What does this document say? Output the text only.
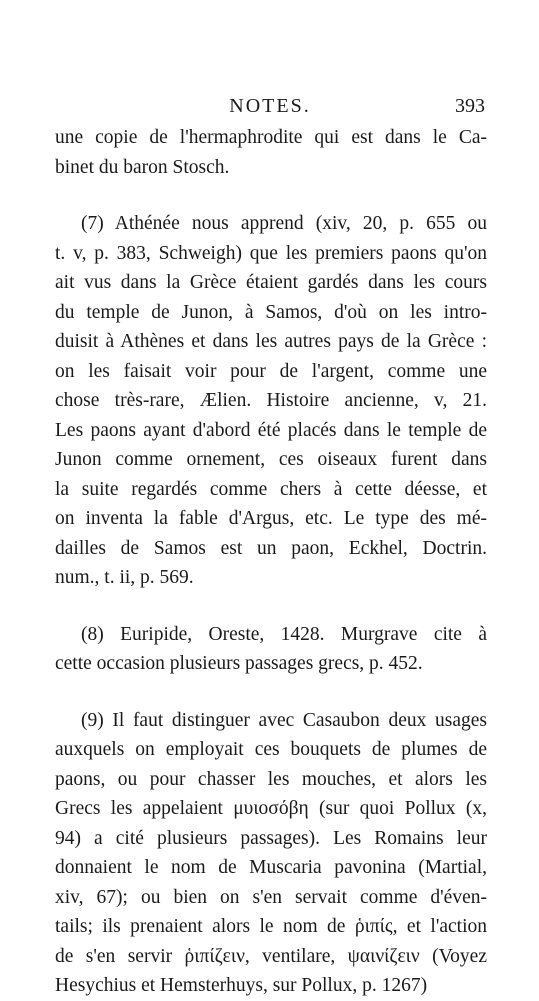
NOTES.	393
une copie de l'hermaphrodite qui est dans le Ca-
binet du baron Stosch.
(7) Athénée nous apprend (xiv, 20, p. 655 ou
t. v, p. 383, Schweigh) que les premiers paons qu'on
ait vus dans la Grèce étaient gardés dans les cours
du temple de Junon, à Samos, d'où on les intro-
duisit à Athènes et dans les autres pays de la Grèce :
on les faisait voir pour de l'argent, comme une
chose très-rare, Ælien. Histoire ancienne, v, 21.
Les paons ayant d'abord été placés dans le temple de
Junon comme ornement, ces oiseaux furent dans
la suite regardés comme chers à cette déesse, et
on inventa la fable d'Argus, etc. Le type des mé-
dailles de Samos est un paon, Eckhel, Doctrin.
num., t. ii, p. 569.
(8) Euripide, Oreste, 1428. Murgrave cite à
cette occasion plusieurs passages grecs, p. 452.
(9) Il faut distinguer avec Casaubon deux usages
auxquels on employait ces bouquets de plumes de
paons, ou pour chasser les mouches, et alors les
Grecs les appelaient μυιοσόβη (sur quoi Pollux (x,
94) a cité plusieurs passages). Les Romains leur
donnaient le nom de Muscaria pavonina (Martial,
xiv, 67); ou bien on s'en servait comme d'éven-
tails; ils prenaient alors le nom de ῥιπίς, et l'action
de s'en servir ῥιπίζειν, ventilare, ψαινίζειν (Voyez
Hesychius et Hemsterhuys, sur Pollux, p. 1267)
